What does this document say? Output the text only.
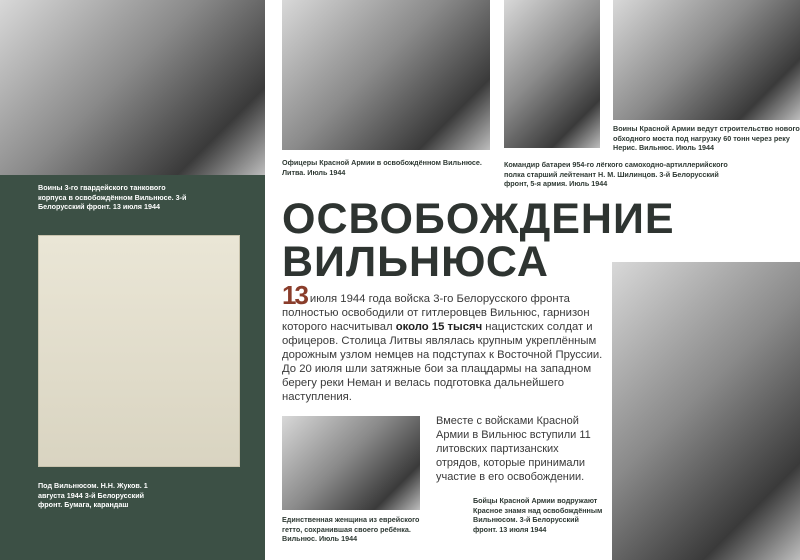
Воины 3-го гвардейского танкового корпуса в освобождённом Вильнюсе. 3-й Белорусский фронт. 13 июля 1944
Под Вильнюсом. Н.Н. Жуков. 1 августа 1944 3-й Белорусский фронт. Бумага, карандаш
Офицеры Красной Армии в освобождённом Вильнюсе. Литва. Июль 1944
Командир батареи 954-го лёгкого самоходно-артиллерийского полка старший лейтенант Н. М. Шилинцов. 3-й Белорусский фронт, 5-я армия. Июль 1944
Воины Красной Армии ведут строительство нового обходного моста под нагрузку 60 тонн через реку Нерис. Вильнюс. Июль 1944
ОСВОБОЖДЕНИЕ
ВИЛЬНЮСА
13 июля 1944 года войска 3-го Белорусского фронта полностью освободили от гитлеровцев Вильнюс, гарнизон которого насчитывал около 15 тысяч нацистских солдат и офицеров. Столица Литвы являлась крупным укреплённым дорожным узлом немцев на подступах к Восточной Пруссии. До 20 июля шли затяжные бои за плацдармы на западном берегу реки Неман и велась подготовка дальнейшего наступления.
Единственная женщина из еврейского гетто, сохранившая своего ребёнка. Вильнюс. Июль 1944
Вместе с войсками Красной Армии в Вильнюс вступили 11 литовских партизанских отрядов, которые принимали участие в его освобождении.
Бойцы Красной Армии водружают Красное знамя над освобождённым Вильнюсом. 3-й Белорусский фронт. 13 июля 1944
